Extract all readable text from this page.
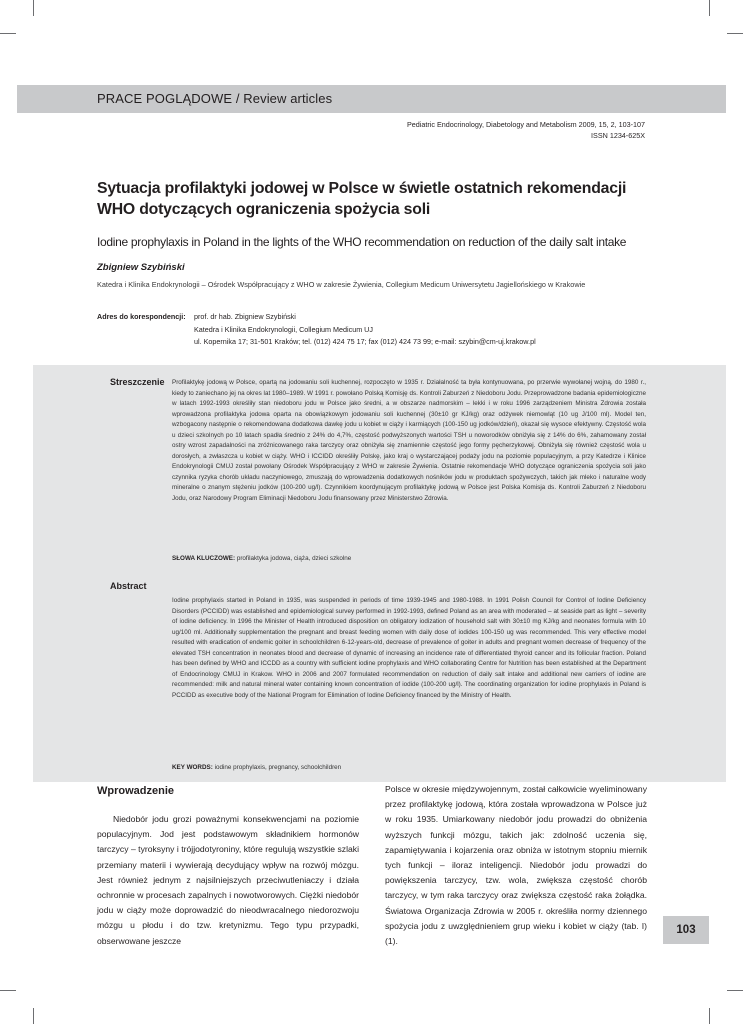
PRACE POGLĄDOWE / Review articles
Pediatric Endocrinology, Diabetology and Metabolism 2009, 15, 2, 103-107
ISSN 1234-625X
Sytuacja profilaktyki jodowej w Polsce w świetle ostatnich rekomendacji WHO dotyczących ograniczenia spożycia soli
Iodine prophylaxis in Poland in the lights of the WHO recommendation on reduction of the daily salt intake
Zbigniew Szybiński
Katedra i Klinika Endokrynologii – Ośrodek Współpracujący z WHO w zakresie Żywienia, Collegium Medicum Uniwersytetu Jagiellońskiego w Krakowie
Adres do korespondencji: prof. dr hab. Zbigniew Szybiński
Katedra i Klinika Endokrynologii, Collegium Medicum UJ
ul. Kopernika 17; 31-501 Kraków; tel. (012) 424 75 17; fax (012) 424 73 99; e-mail: szybin@cm-uj.krakow.pl
Streszczenie Profilaktykę jodową w Polsce, opartą na jodowaniu soli kuchennej, rozpoczęto w 1935 r. Działalność ta była kontynuowana, po przerwie wywołanej wojną, do 1980 r., kiedy to zaniechano jej na okres lat 1980–1989. W 1991 r. powołano Polską Komisję ds. Kontroli Zaburzeń z Niedoboru Jodu. Przeprowadzone badania epidemiologiczne w latach 1992-1993 określiły stan niedoboru jodu w Polsce jako średni, a w obszarze nadmorskim – lekki i w roku 1996 zarządzeniem Ministra Zdrowia została wprowadzona profilaktyka jodowa oparta na obowiązkowym jodowaniu soli kuchennej (30±10 gr KJ/kg) oraz odżywek niemowląt (10 ug J/100 ml). Model ten, wzbogacony następnie o rekomendowana dodatkowa dawkę jodu u kobiet w ciąży i karmiących (100-150 ug jodków/dzień), okazał się wysoce efektywny. Częstość wola u dzieci szkolnych po 10 latach spadła średnio z 24% do 4,7%, częstość podwyższonych wartości TSH u noworodków obniżyła się z 14% do 6%, zahamowany został ostry wzrost zapadalności na zróżnicowanego raka tarczycy oraz obniżyła się znamiennie częstość jego formy pęcherzykowej. Obniżyła się również częstość wola u dorosłych, a zwłaszcza u kobiet w ciąży. WHO i ICCIDD określiły Polskę, jako kraj o wystarczającej podaży jodu na poziomie populacyjnym, a przy Katedrze i Klinice Endokrynologii CMUJ został powołany Ośrodek Współpracujący z WHO w zakresie Żywienia. Ostatnie rekomendacje WHO dotyczące ograniczenia spożycia soli jako czynnika ryzyka chorób układu naczyniowego, zmuszają do wprowadzenia dodatkowych nośników jodu w produktach spożywczych, takich jak mleko i naturalne wody mineralne o znanym stężeniu jodków (100-200 ug/l). Czynnikiem koordynującym profilaktykę jodową w Polsce jest Polska Komisja ds. Kontroli Zaburzeń z Niedoboru Jodu, oraz Narodowy Program Eliminacji Niedoboru Jodu finansowany przez Ministerstwo Zdrowia.

SŁOWA KLUCZOWE: profilaktyka jodowa, ciąża, dzieci szkolne
Abstract

Iodine prophylaxis started in Poland in 1935, was suspended in periods of time 1939-1945 and 1980-1988. In 1991 Polish Council for Control of Iodine Deficiency Disorders (PCCIDD) was established and epidemiological survey performed in 1992-1993, defined Poland as an area with moderated – at seaside part as light – severity of iodine deficiency. In 1996 the Minister of Health introduced disposition on obligatory iodization of household salt with 30±10 mg KJ/kg and neonates formula with 10 ug/100 ml. Additionally supplementation the pregnant and breast feeding women with daily dose of iodides 100-150 ug was recommended. This very effective model resulted with eradication of endemic goiter in schoolchildren 6-12-years-old, decrease of prevalence of goiter in adults and pregnant women decrease of frequency of the elevated TSH concentration in neonates blood and decrease of dynamic of increasing an incidence rate of differentiated thyroid cancer and its follicular fraction. Poland has been defined by WHO and ICCDD as a country with sufficient iodine prophylaxis and WHO collaborating Centre for Nutrition has been established at the Department of Endocrinology CMUJ in Krakow. WHO in 2006 and 2007 formulated recommendation on reduction of daily salt intake and additional new carriers of iodine are recommended: milk and natural mineral water containing known concentration of iodide (100-200 ug/l). The coordinating organization for iodine prophylaxis in Poland is PCCIDD as executive body of the National Program for Elimination of Iodine Deficiency financed by the Ministry of Health.

KEY WORDS: iodine prophylaxis, pregnancy, schoolchildren
Wprowadzenie

Niedobór jodu grozi poważnymi konsekwencjami na poziomie populacyjnym. Jod jest podstawowym składnikiem hormonów tarczycy – tyroksyny i trójjodotyroniny, które regulują wszystkie szlaki przemiany materii i wywierają decydujący wpływ na rozwój mózgu. Jest również jednym z najsilniejszych przeciwutleniaczy i działa ochronnie w procesach zapalnych i nowotworowych. Ciężki niedobór jodu w ciąży może doprowadzić do nieodwracalnego niedorozwoju mózgu u płodu i do tzw. kretynizmu. Tego typu przypadki, obserwowane jeszcze

Polsce w okresie międzywojennym, został całkowicie wyeliminowany przez profilaktykę jodową, która została wprowadzona w Polsce już w roku 1935. Umiarkowany niedobór jodu prowadzi do obniżenia wyższych funkcji mózgu, takich jak: zdolność uczenia się, zapamiętywania i kojarzenia oraz obniża w istotnym stopniu miernik tych funkcji – iloraz inteligencji. Niedobór jodu prowadzi do powiększenia tarczycy, tzw. wola, zwiększa częstość chorób tarczycy, w tym raka tarczycy oraz zwiększa częstość raka żołądka. Światowa Organizacja Zdrowia w 2005 r. określiła normy dziennego spożycia jodu z uwzględnieniem grup wieku i kobiet w ciąży (tab. I) (1).

103
